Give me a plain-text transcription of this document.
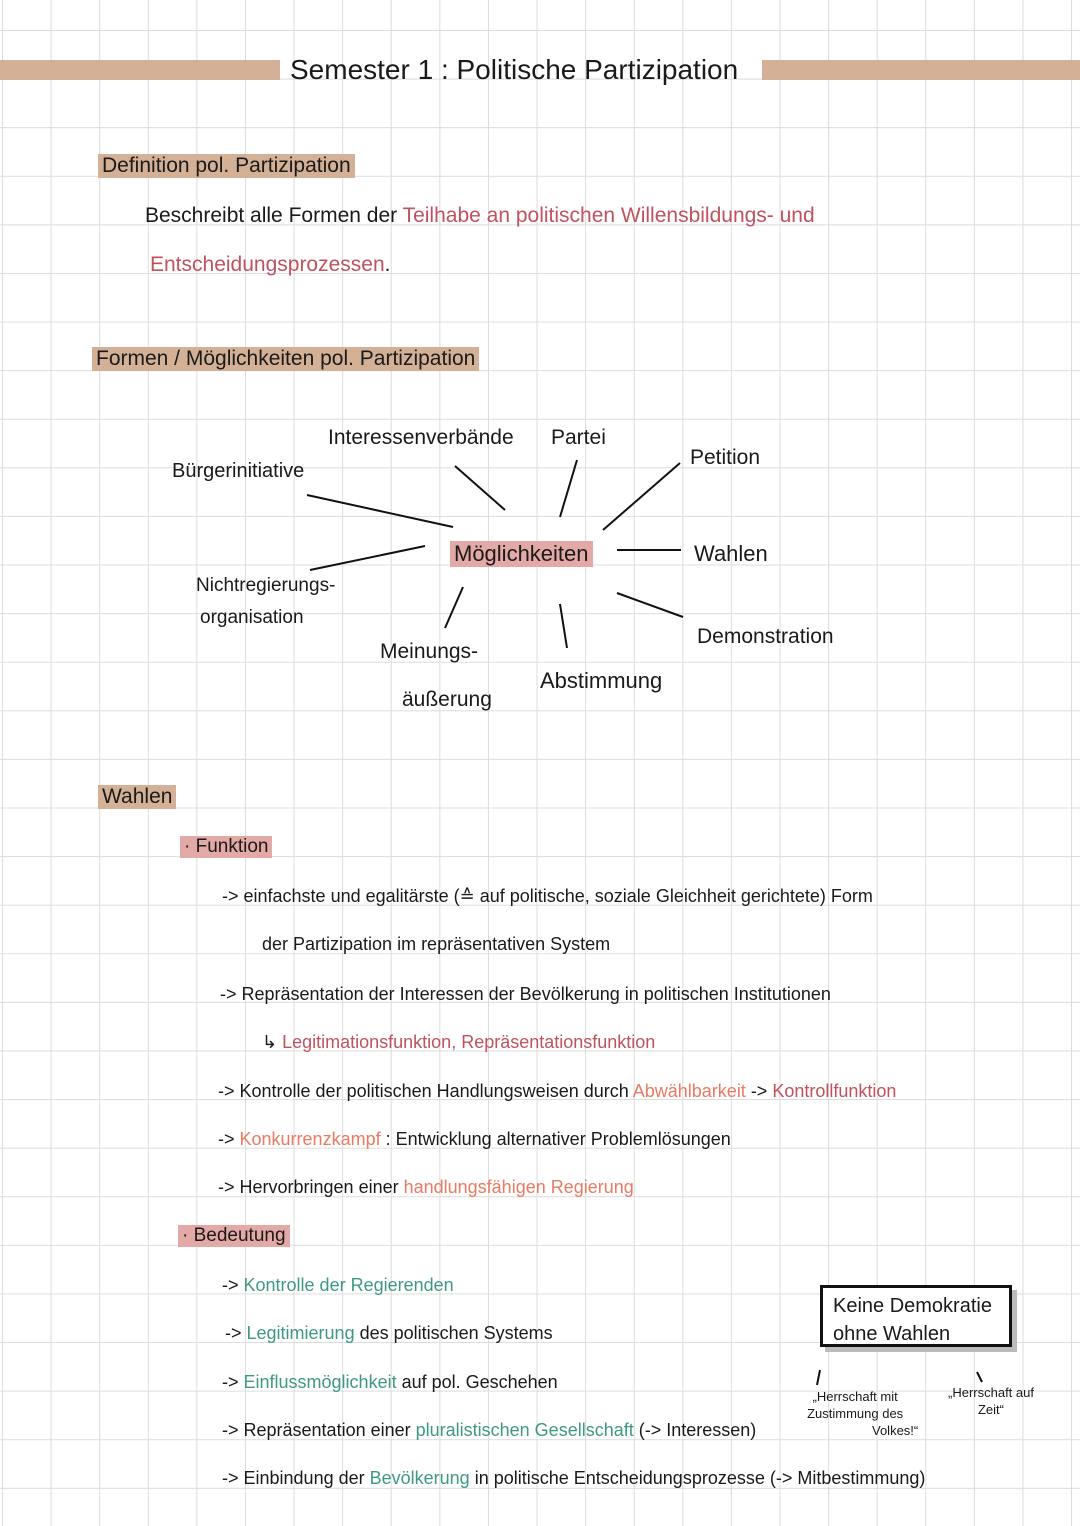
Semester 1 : Politische Partizipation
Definition pol. Partizipation
Beschreibt alle Formen der Teilhabe an politischen Willensbildungs- und
Entscheidungsprozessen.
Formen / Möglichkeiten pol. Partizipation
Möglichkeiten
Interessenverbände Partei
Bürgerinitiative
Petition
Wahlen
Demonstration
Nichtregierungs-
organisation
Meinungs-
äußerung
Abstimmung
Wahlen
· Funktion
-> einfachste und egalitärste (≙ auf politische, soziale Gleichheit gerichtete) Form
der Partizipation im repräsentativen System
-> Repräsentation der Interessen der Bevölkerung in politischen Institutionen
↳ Legitimationsfunktion, Repräsentationsfunktion
-> Kontrolle der politischen Handlungsweisen durch Abwählbarkeit -> Kontrollfunktion
-> Konkurrenzkampf : Entwicklung alternativer Problemlösungen
-> Hervorbringen einer handlungsfähigen Regierung
· Bedeutung
-> Kontrolle der Regierenden
-> Legitimierung des politischen Systems
-> Einflussmöglichkeit auf pol. Geschehen
-> Repräsentation einer pluralistischen Gesellschaft (-> Interessen)
-> Einbindung der Bevölkerung in politische Entscheidungsprozesse (-> Mitbestimmung)
Keine Demokratie
ohne Wahlen
„Herrschaft mit
Zustimmung des
Volkes!“
„Herrschaft auf
Zeit“
